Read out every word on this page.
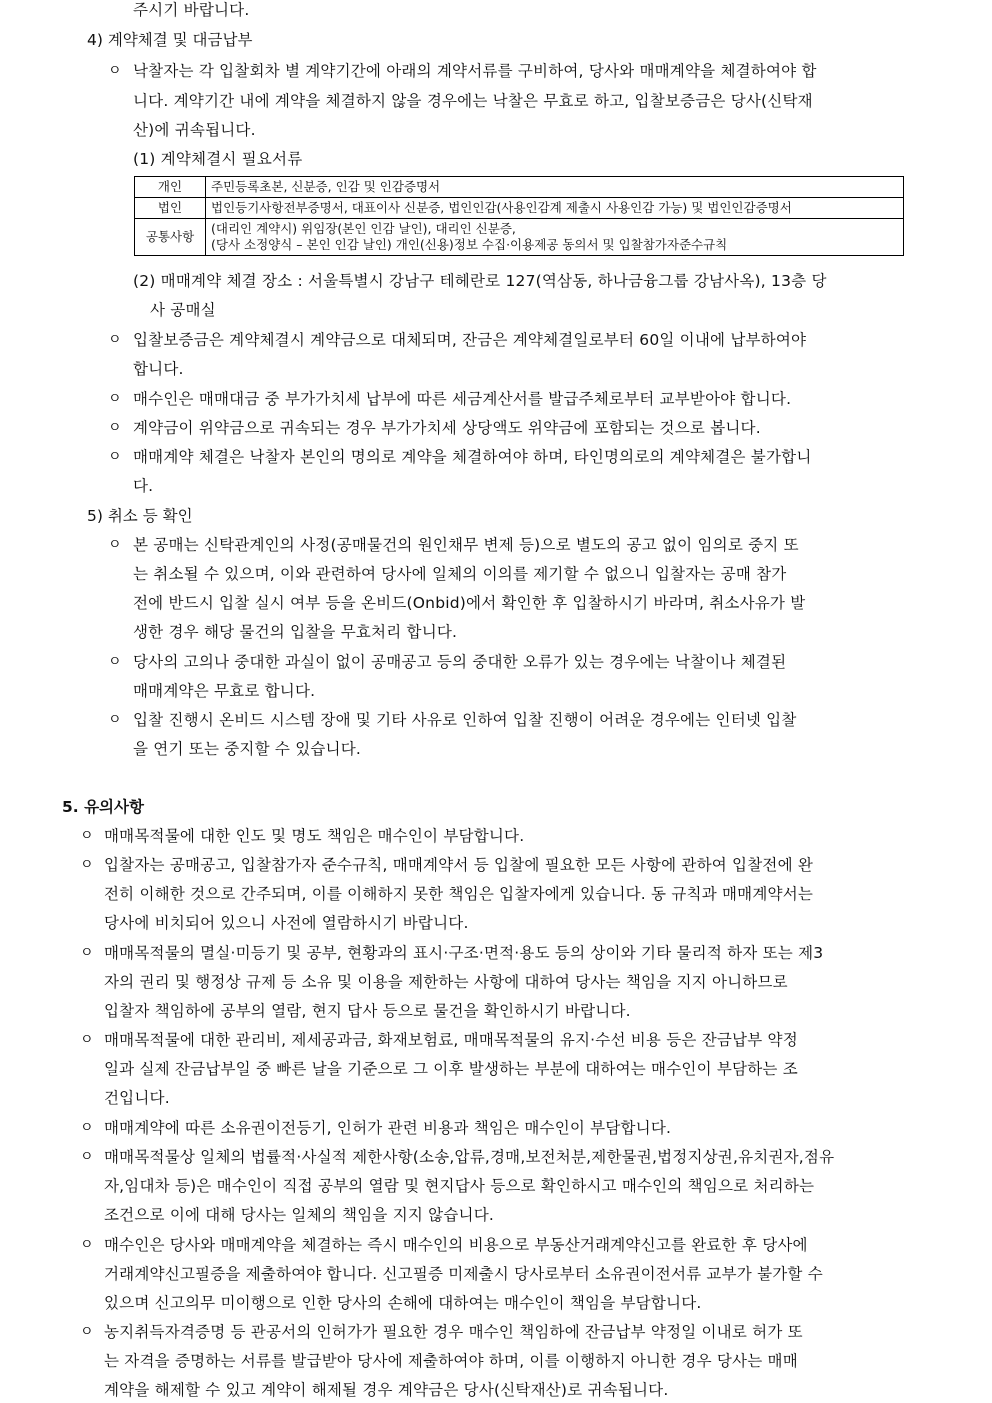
주시기 바랍니다.
4) 계약체결 및 대금납부
ㅇ 낙찰자는 각 입찰회차 별 계약기간에 아래의 계약서류를 구비하여, 당사와 매매계약을 체결하여야 합
니다. 계약기간 내에 계약을 체결하지 않을 경우에는 낙찰은 무효로 하고, 입찰보증금은 당사(신탁재
산)에 귀속됩니다.
(1) 계약체결시 필요서류
개인	주민등록초본, 신분증, 인감 및 인감증명서
법인	법인등기사항전부증명서, 대표이사 신분증, 법인인감(사용인감계 제출시 사용인감 가능) 및 법인인감증명서
공통사항	(대리인 계약시) 위임장(본인 인감 날인), 대리인 신분증,
(당사 소정양식 – 본인 인감 날인) 개인(신용)정보 수집·이용제공 동의서 및 입찰참가자준수규칙
(2) 매매계약 체결 장소 : 서울특별시 강남구 테헤란로 127(역삼동, 하나금융그룹 강남사옥), 13층 당
사 공매실
ㅇ 입찰보증금은 계약체결시 계약금으로 대체되며, 잔금은 계약체결일로부터 60일 이내에 납부하여야
합니다.
ㅇ 매수인은 매매대금 중 부가가치세 납부에 따른 세금계산서를 발급주체로부터 교부받아야 합니다.
ㅇ 계약금이 위약금으로 귀속되는 경우 부가가치세 상당액도 위약금에 포함되는 것으로 봅니다.
ㅇ 매매계약 체결은 낙찰자 본인의 명의로 계약을 체결하여야 하며, 타인명의로의 계약체결은 불가합니
다.
5) 취소 등 확인
ㅇ 본 공매는 신탁관계인의 사정(공매물건의 원인채무 변제 등)으로 별도의 공고 없이 임의로 중지 또
는 취소될 수 있으며, 이와 관련하여 당사에 일체의 이의를 제기할 수 없으니 입찰자는 공매 참가
전에 반드시 입찰 실시 여부 등을 온비드(Onbid)에서 확인한 후 입찰하시기 바라며, 취소사유가 발
생한 경우 해당 물건의 입찰을 무효처리 합니다.
ㅇ 당사의 고의나 중대한 과실이 없이 공매공고 등의 중대한 오류가 있는 경우에는 낙찰이나 체결된
매매계약은 무효로 합니다.
ㅇ 입찰 진행시 온비드 시스템 장애 및 기타 사유로 인하여 입찰 진행이 어려운 경우에는 인터넷 입찰
을 연기 또는 중지할 수 있습니다.
5. 유의사항
ㅇ 매매목적물에 대한 인도 및 명도 책임은 매수인이 부담합니다.
ㅇ 입찰자는 공매공고, 입찰참가자 준수규칙, 매매계약서 등 입찰에 필요한 모든 사항에 관하여 입찰전에 완
전히 이해한 것으로 간주되며, 이를 이해하지 못한 책임은 입찰자에게 있습니다. 동 규칙과 매매계약서는
당사에 비치되어 있으니 사전에 열람하시기 바랍니다.
ㅇ 매매목적물의 멸실·미등기 및 공부, 현황과의 표시·구조·면적·용도 등의 상이와 기타 물리적 하자 또는 제3
자의 권리 및 행정상 규제 등 소유 및 이용을 제한하는 사항에 대하여 당사는 책임을 지지 아니하므로
입찰자 책임하에 공부의 열람, 현지 답사 등으로 물건을 확인하시기 바랍니다.
ㅇ 매매목적물에 대한 관리비, 제세공과금, 화재보험료, 매매목적물의 유지·수선 비용 등은 잔금납부 약정
일과 실제 잔금납부일 중 빠른 날을 기준으로 그 이후 발생하는 부분에 대하여는 매수인이 부담하는 조
건입니다.
ㅇ 매매계약에 따른 소유권이전등기, 인허가 관련 비용과 책임은 매수인이 부담합니다.
ㅇ 매매목적물상 일체의 법률적·사실적 제한사항(소송,압류,경매,보전처분,제한물권,법정지상권,유치권자,점유
자,임대차 등)은 매수인이 직접 공부의 열람 및 현지답사 등으로 확인하시고 매수인의 책임으로 처리하는
조건으로 이에 대해 당사는 일체의 책임을 지지 않습니다.
ㅇ 매수인은 당사와 매매계약을 체결하는 즉시 매수인의 비용으로 부동산거래계약신고를 완료한 후 당사에
거래계약신고필증을 제출하여야 합니다. 신고필증 미제출시 당사로부터 소유권이전서류 교부가 불가할 수
있으며 신고의무 미이행으로 인한 당사의 손해에 대하여는 매수인이 책임을 부담합니다.
ㅇ 농지취득자격증명 등 관공서의 인허가가 필요한 경우 매수인 책임하에 잔금납부 약정일 이내로 허가 또
는 자격을 증명하는 서류를 발급받아 당사에 제출하여야 하며, 이를 이행하지 아니한 경우 당사는 매매
계약을 해제할 수 있고 계약이 해제될 경우 계약금은 당사(신탁재산)로 귀속됩니다.
